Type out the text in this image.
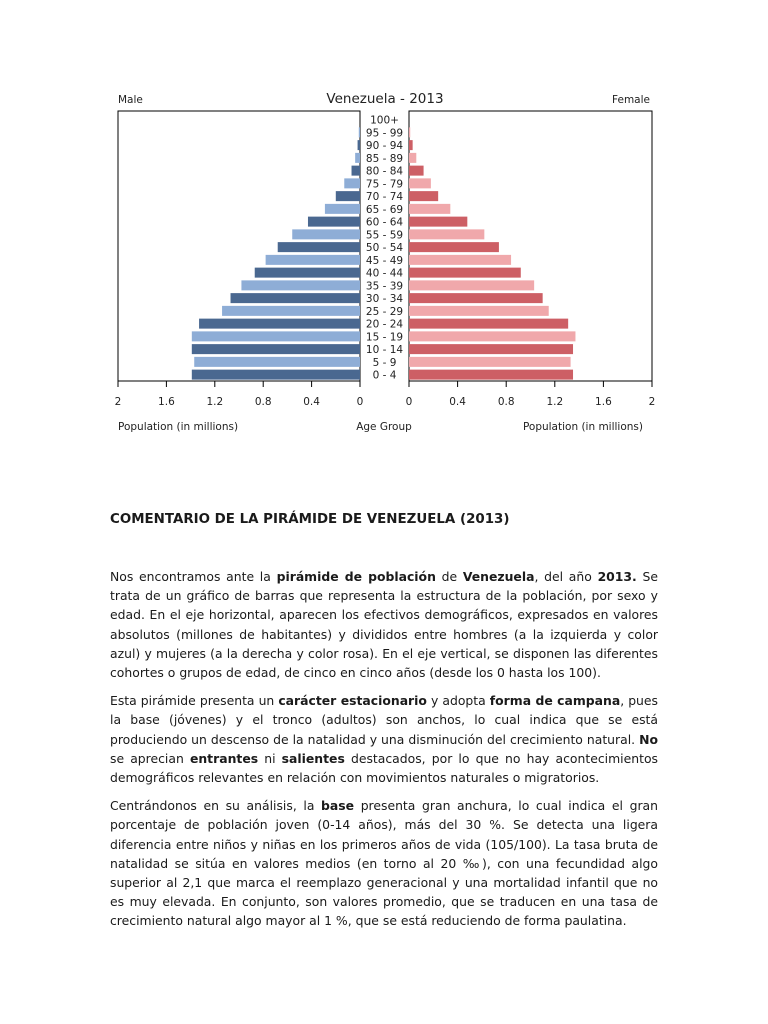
Venezuela - 2013
Male	Female
100+
95 - 99
90 - 94
85 - 89
80 - 84
75 - 79
70 - 74
65 - 69
60 - 64
55 - 59
50 - 54
45 - 49
40 - 44
35 - 39
30 - 34
25 - 29
20 - 24
15 - 19
10 - 14
5 - 9
0 - 4
2	1.6	1.2	0.8	0.4	0	0	0.4	0.8	1.2	1.6	2
Population (in millions)	Age Group	Population (in millions)
COMENTARIO DE LA PIRÁMIDE DE VENEZUELA (2013)

Nos encontramos ante la pirámide de población de Venezuela, del año 2013. Se trata de un gráfico de barras que representa la estructura de la población, por sexo y edad. En el eje horizontal, aparecen los efectivos demográficos, expresados en valores absolutos (millones de habitantes) y divididos entre hombres (a la izquierda y color azul) y mujeres (a la derecha y color rosa). En el eje vertical, se disponen las diferentes cohortes o grupos de edad, de cinco en cinco años (desde los 0 hasta los 100).

Esta pirámide presenta un carácter estacionario y adopta forma de campana, pues la base (jóvenes) y el tronco (adultos) son anchos, lo cual indica que se está produciendo un descenso de la natalidad y una disminución del crecimiento natural. No se aprecian entrantes ni salientes destacados, por lo que no hay acontecimientos demográficos relevantes en relación con movimientos naturales o migratorios.

Centrándonos en su análisis, la base presenta gran anchura, lo cual indica el gran porcentaje de población joven (0-14 años), más del 30 %. Se detecta una ligera diferencia entre niños y niñas en los primeros años de vida (105/100). La tasa bruta de natalidad se sitúa en valores medios (en torno al 20 ‰), con una fecundidad algo superior al 2,1 que marca el reemplazo generacional y una mortalidad infantil que no es muy elevada. En conjunto, son valores promedio, que se traducen en una tasa de crecimiento natural algo mayor al 1 %, que se está reduciendo de forma paulatina.
